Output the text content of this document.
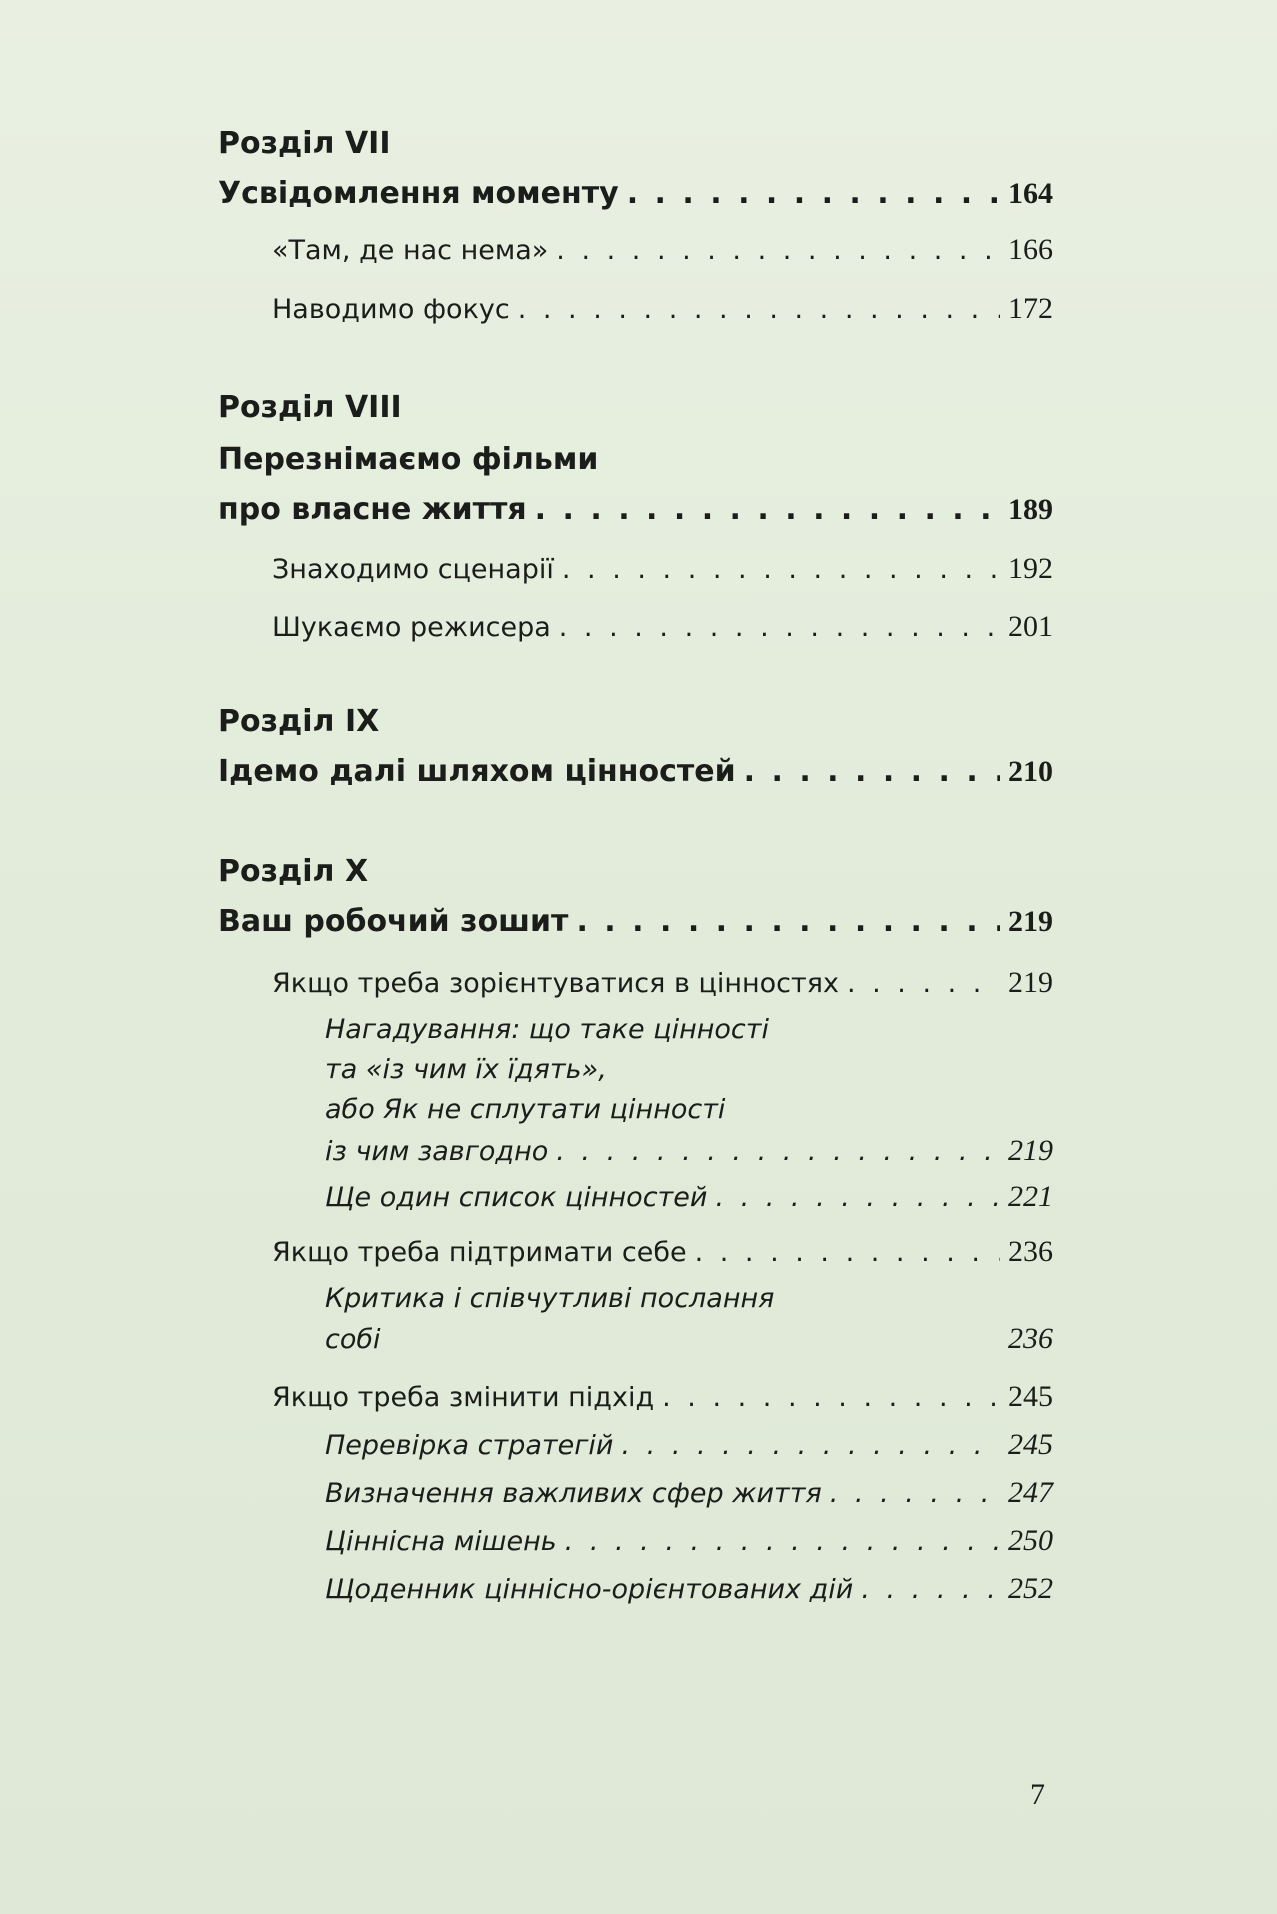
Розділ VII
Усвідомлення моменту . . .	164
«Там, де нас нема» . . .	166
Наводимо фокус . . .	172
Розділ VIII
Перезнімаємо фільми
про власне життя . . .	189
Знаходимо сценарії . . .	192
Шукаємо режисера . . .	201
Розділ IX
Ідемо далі шляхом цінностей . . .	210
Розділ X
Ваш робочий зошит . . .	219
Якщо треба зорієнтуватися в цінностях . . .	219
Нагадування: що таке цінності
та «із чим їх їдять»,
або Як не сплутати цінності
із чим завгодно . . .	219
Ще один список цінностей . . .	221
Якщо треба підтримати себе . . .	236
Критика і співчутливі послання
собі	236
Якщо треба змінити підхід . . .	245
Перевірка стратегій . . .	245
Визначення важливих сфер життя . . .	247
Ціннісна мішень . . .	250
Щоденник ціннісно-орієнтованих дій . . .	252
7
